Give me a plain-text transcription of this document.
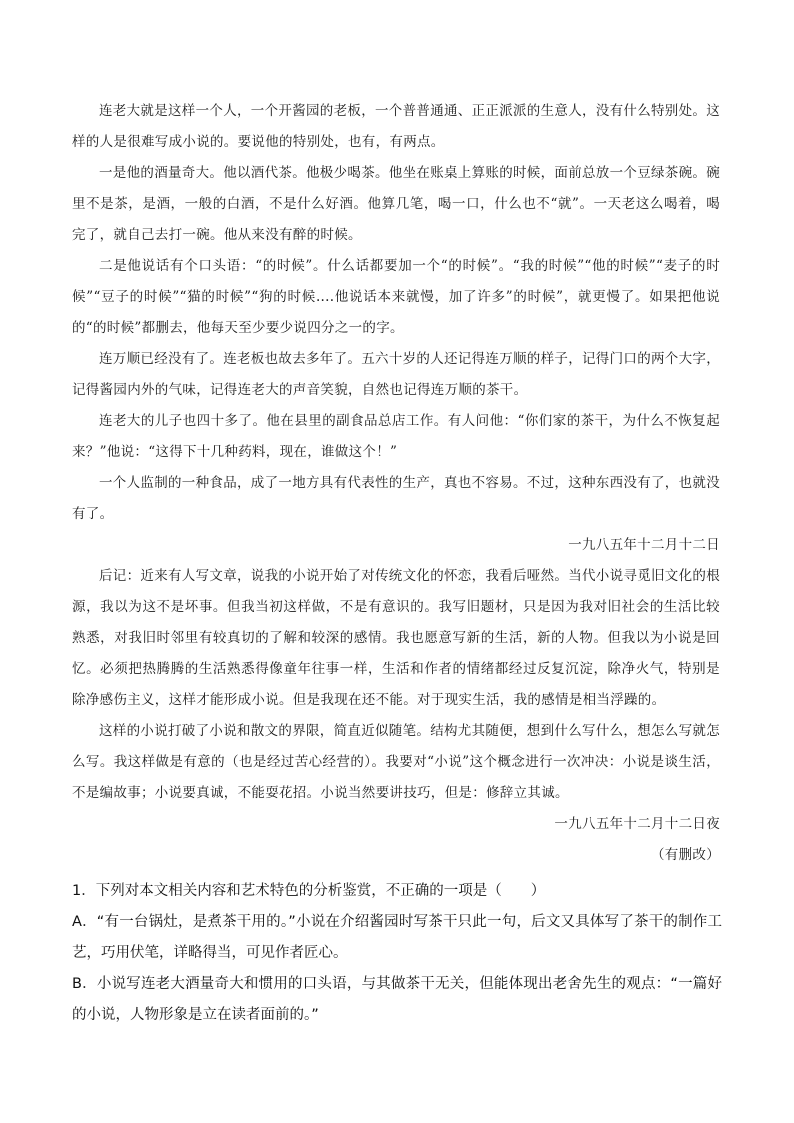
连老大就是这样一个人，一个开酱园的老板，一个普普通通、正正派派的生意人，没有什么特别处。这样的人是很难写成小说的。要说他的特别处，也有，有两点。

一是他的酒量奇大。他以酒代茶。他极少喝茶。他坐在账桌上算账的时候，面前总放一个豆绿茶碗。碗里不是茶，是酒，一般的白酒，不是什么好酒。他算几笔，喝一口，什么也不“就”。一天老这么喝着，喝完了，就自己去打一碗。他从来没有醉的时候。

二是他说话有个口头语：“的时候”。什么话都要加一个“的时候”。“我的时候”“他的时候”“麦子的时候”“豆子的时候”“猫的时候”“狗的时候....他说话本来就慢，加了许多”的时候”，就更慢了。如果把他说的“的时候”都删去，他每天至少要少说四分之一的字。

连万顺已经没有了。连老板也故去多年了。五六十岁的人还记得连万顺的样子，记得门口的两个大字，记得酱园内外的气味，记得连老大的声音笑貌，自然也记得连万顺的茶干。

连老大的儿子也四十多了。他在县里的副食品总店工作。有人问他：“你们家的茶干，为什么不恢复起来？”他说：“这得下十几种药料，现在，谁做这个！”

一个人监制的一种食品，成了一地方具有代表性的生产，真也不容易。不过，这种东西没有了，也就没有了。

一九八五年十二月十二日

后记：近来有人写文章，说我的小说开始了对传统文化的怀恋，我看后哑然。当代小说寻觅旧文化的根源，我以为这不是坏事。但我当初这样做，不是有意识的。我写旧题材，只是因为我对旧社会的生活比较熟悉，对我旧时邻里有较真切的了解和较深的感情。我也愿意写新的生活，新的人物。但我以为小说是回忆。必须把热腾腾的生活熟悉得像童年往事一样，生活和作者的情绪都经过反复沉淀，除净火气，特别是除净感伤主义，这样才能形成小说。但是我现在还不能。对于现实生活，我的感情是相当浮躁的。

这样的小说打破了小说和散文的界限，简直近似随笔。结构尤其随便，想到什么写什么，想怎么写就怎么写。我这样做是有意的（也是经过苦心经营的）。我要对“小说”这个概念进行一次冲决：小说是谈生活，不是编故事；小说要真诚，不能耍花招。小说当然要讲技巧，但是：修辞立其诚。

一九八五年十二月十二日夜

（有删改）

1．下列对本文相关内容和艺术特色的分析鉴赏，不正确的一项是（　　）

A．“有一台锅灶，是煮茶干用的。”小说在介绍酱园时写茶干只此一句，后文又具体写了茶干的制作工艺，巧用伏笔，详略得当，可见作者匠心。

B．小说写连老大酒量奇大和惯用的口头语，与其做茶干无关，但能体现出老舍先生的观点：“一篇好的小说，人物形象是立在读者面前的。”
